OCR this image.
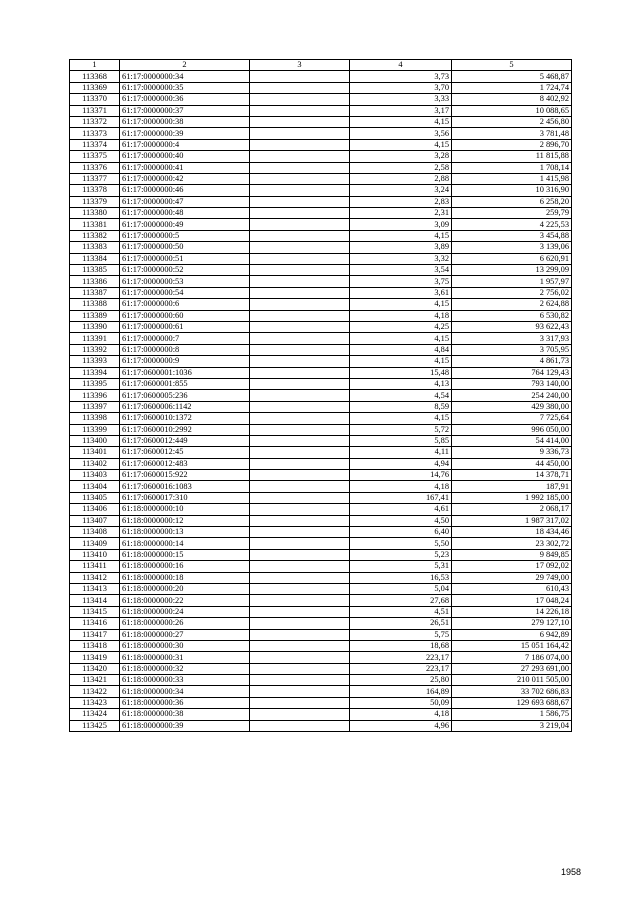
1	2	3	4	5
113368	61:17:0000000:34		3,73	5 468,87
113369	61:17:0000000:35		3,70	1 724,74
113370	61:17:0000000:36		3,33	8 402,92
113371	61:17:0000000:37		3,17	10 088,65
113372	61:17:0000000:38		4,15	2 456,80
113373	61:17:0000000:39		3,56	3 781,48
113374	61:17:0000000:4		4,15	2 896,70
113375	61:17:0000000:40		3,28	11 815,88
113376	61:17:0000000:41		2,58	1 708,14
113377	61:17:0000000:42		2,88	1 415,98
113378	61:17:0000000:46		3,24	10 316,90
113379	61:17:0000000:47		2,83	6 258,20
113380	61:17:0000000:48		2,31	259,79
113381	61:17:0000000:49		3,09	4 225,53
113382	61:17:0000000:5		4,15	3 454,88
113383	61:17:0000000:50		3,89	3 139,06
113384	61:17:0000000:51		3,32	6 620,91
113385	61:17:0000000:52		3,54	13 299,09
113386	61:17:0000000:53		3,75	1 957,97
113387	61:17:0000000:54		3,61	2 756,02
113388	61:17:0000000:6		4,15	2 624,88
113389	61:17:0000000:60		4,18	6 530,82
113390	61:17:0000000:61		4,25	93 622,43
113391	61:17:0000000:7		4,15	3 317,93
113392	61:17:0000000:8		4,84	3 705,95
113393	61:17:0000000:9		4,15	4 861,73
113394	61:17:0600001:1036		15,48	764 129,43
113395	61:17:0600001:855		4,13	793 140,00
113396	61:17:0600005:236		4,54	254 240,00
113397	61:17:0600006:1142		8,59	429 380,00
113398	61:17:0600010:1372		4,15	7 725,64
113399	61:17:0600010:2992		5,72	996 050,00
113400	61:17:0600012:449		5,85	54 414,00
113401	61:17:0600012:45		4,11	9 336,73
113402	61:17:0600012:483		4,94	44 450,00
113403	61:17:0600015:922		14,76	14 378,71
113404	61:17:0600016:1083		4,18	187,91
113405	61:17:0600017:310		167,41	1 992 185,00
113406	61:18:0000000:10		4,61	2 068,17
113407	61:18:0000000:12		4,50	1 987 317,02
113408	61:18:0000000:13		6,40	18 434,46
113409	61:18:0000000:14		5,50	23 302,72
113410	61:18:0000000:15		5,23	9 849,85
113411	61:18:0000000:16		5,31	17 092,02
113412	61:18:0000000:18		16,53	29 749,00
113413	61:18:0000000:20		5,04	610,43
113414	61:18:0000000:22		27,68	17 048,24
113415	61:18:0000000:24		4,51	14 226,18
113416	61:18:0000000:26		26,51	279 127,10
113417	61:18:0000000:27		5,75	6 942,89
113418	61:18:0000000:30		18,68	15 051 164,42
113419	61:18:0000000:31		223,17	7 186 074,00
113420	61:18:0000000:32		223,17	27 293 691,00
113421	61:18:0000000:33		25,80	210 011 505,00
113422	61:18:0000000:34		164,89	33 702 686,83
113423	61:18:0000000:36		50,09	129 693 688,67
113424	61:18:0000000:38		4,18	1 586,75
113425	61:18:0000000:39		4,96	3 219,04
1958
